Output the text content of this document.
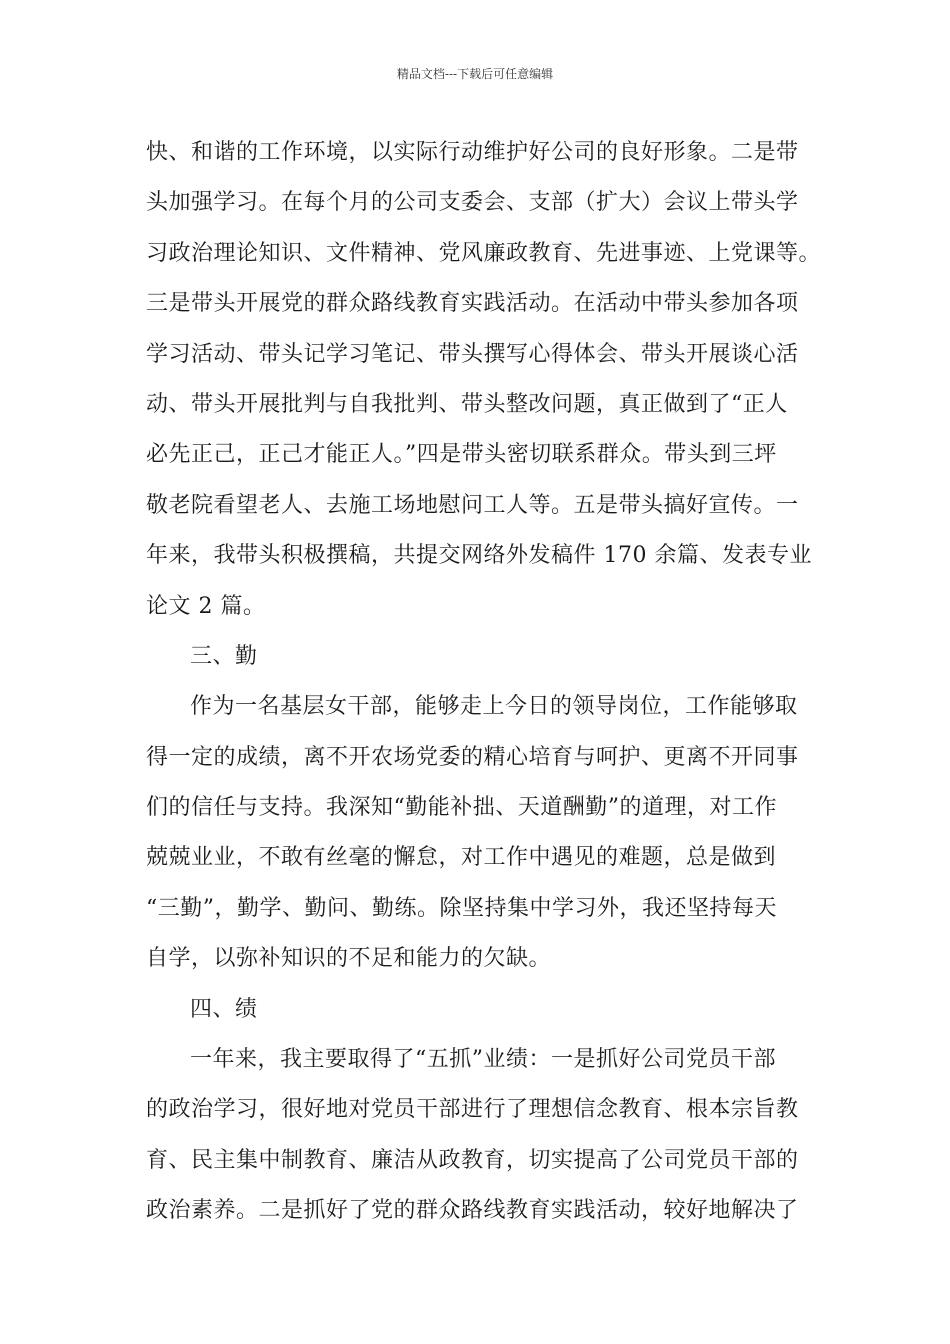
精品文档---下载后可任意编辑
快、和谐的工作环境，以实际行动维护好公司的良好形象。二是带
头加强学习。在每个月的公司支委会、支部（扩大）会议上带头学
习政治理论知识、文件精神、党风廉政教育、先进事迹、上党课等。
三是带头开展党的群众路线教育实践活动。在活动中带头参加各项
学习活动、带头记学习笔记、带头撰写心得体会、带头开展谈心活
动、带头开展批判与自我批判、带头整改问题，真正做到了“正人
必先正己，正己才能正人。”四是带头密切联系群众。带头到三坪
敬老院看望老人、去施工场地慰问工人等。五是带头搞好宣传。一
年来，我带头积极撰稿，共提交网络外发稿件 170 余篇、发表专业
论文 2 篇。
三、勤
作为一名基层女干部，能够走上今日的领导岗位，工作能够取
得一定的成绩，离不开农场党委的精心培育与呵护、更离不开同事
们的信任与支持。我深知“勤能补拙、天道酬勤”的道理，对工作
兢兢业业，不敢有丝毫的懈怠，对工作中遇见的难题，总是做到
“三勤”，勤学、勤问、勤练。除坚持集中学习外，我还坚持每天
自学，以弥补知识的不足和能力的欠缺。
四、绩
一年来，我主要取得了“五抓”业绩：一是抓好公司党员干部
的政治学习，很好地对党员干部进行了理想信念教育、根本宗旨教
育、民主集中制教育、廉洁从政教育，切实提高了公司党员干部的
政治素养。二是抓好了党的群众路线教育实践活动，较好地解决了
